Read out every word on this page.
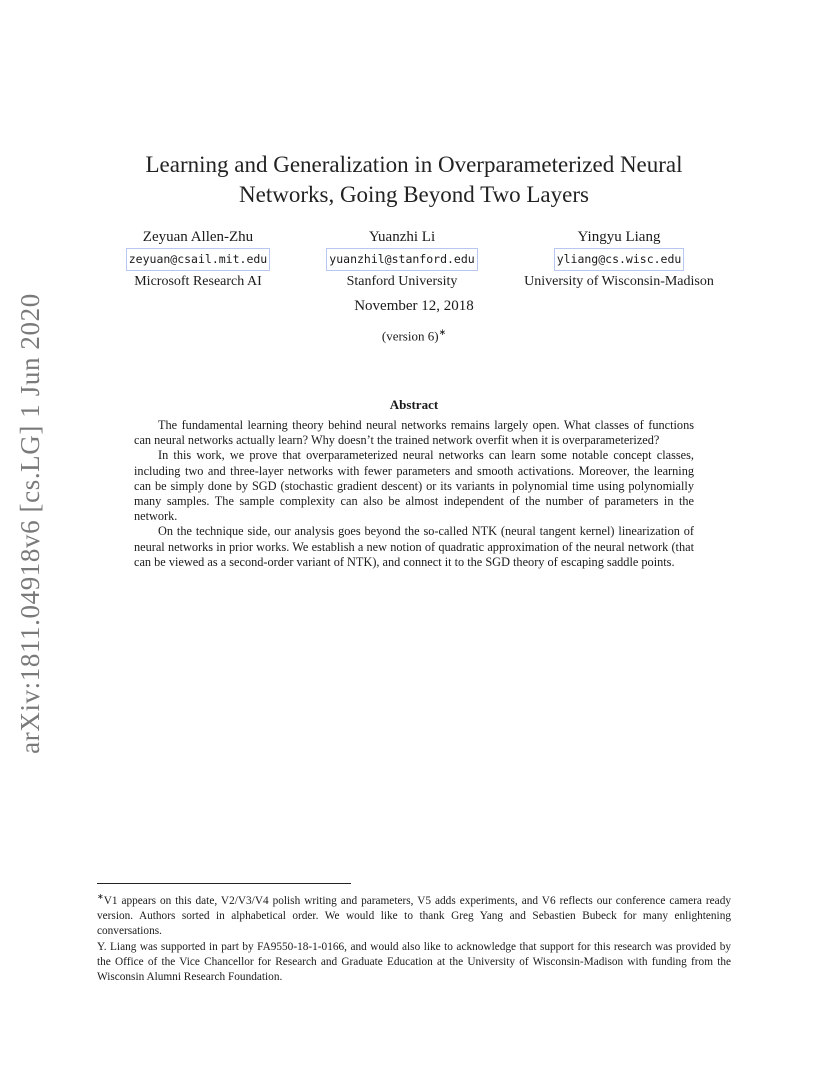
arXiv:1811.04918v6 [cs.LG] 1 Jun 2020
Learning and Generalization in Overparameterized Neural
Networks, Going Beyond Two Layers
Zeyuan Allen-Zhu
zeyuan@csail.mit.edu
Microsoft Research AI
Yuanzhi Li
yuanzhil@stanford.edu
Stanford University
Yingyu Liang
yliang@cs.wisc.edu
University of Wisconsin-Madison
November 12, 2018
(version 6)∗
Abstract

The fundamental learning theory behind neural networks remains largely open. What classes of functions can neural networks actually learn? Why doesn’t the trained network overfit when it is overparameterized?

In this work, we prove that overparameterized neural networks can learn some notable concept classes, including two and three-layer networks with fewer parameters and smooth activations. Moreover, the learning can be simply done by SGD (stochastic gradient descent) or its variants in polynomial time using polynomially many samples. The sample complexity can also be almost independent of the number of parameters in the network.

On the technique side, our analysis goes beyond the so-called NTK (neural tangent kernel) linearization of neural networks in prior works. We establish a new notion of quadratic approximation of the neural network (that can be viewed as a second-order variant of NTK), and connect it to the SGD theory of escaping saddle points.

∗V1 appears on this date, V2/V3/V4 polish writing and parameters, V5 adds experiments, and V6 reflects our conference camera ready version. Authors sorted in alphabetical order. We would like to thank Greg Yang and Sebastien Bubeck for many enlightening conversations.

Y. Liang was supported in part by FA9550-18-1-0166, and would also like to acknowledge that support for this research was provided by the Office of the Vice Chancellor for Research and Graduate Education at the University of Wisconsin-Madison with funding from the Wisconsin Alumni Research Foundation.
